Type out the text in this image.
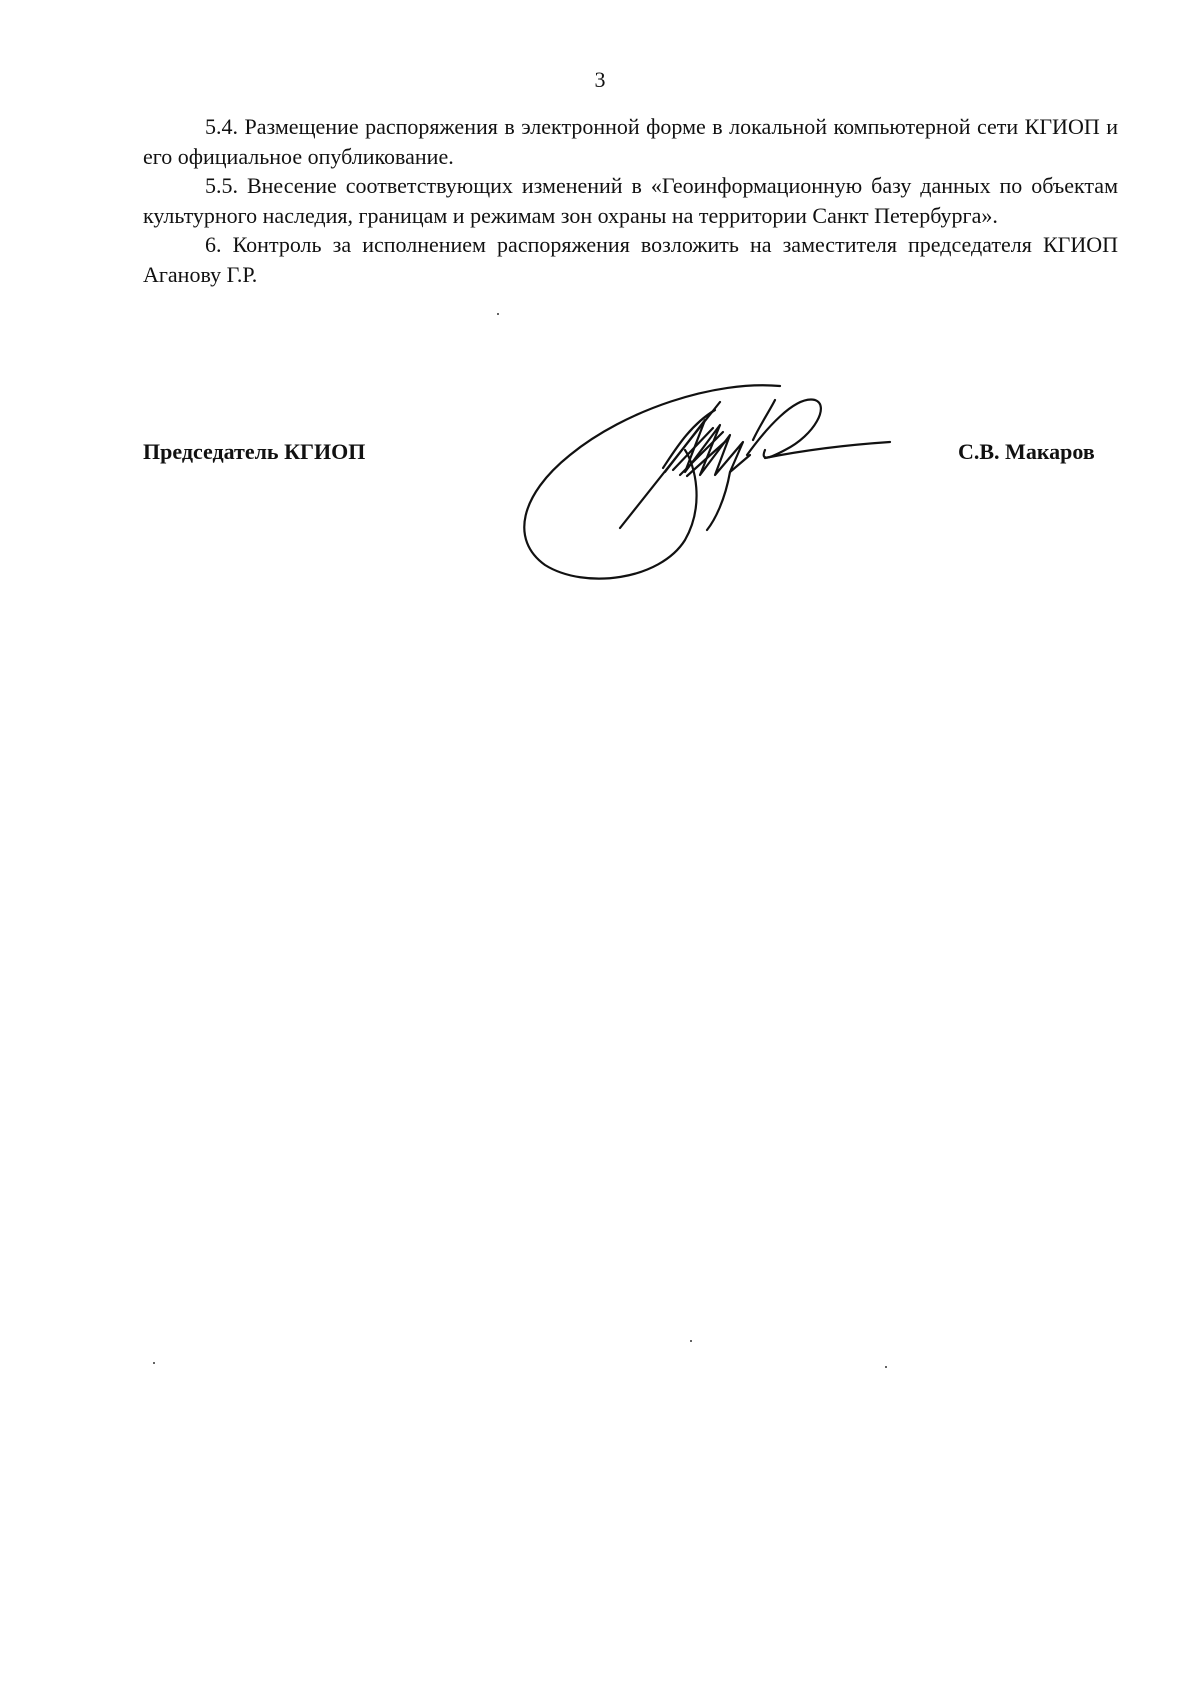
3

5.4. Размещение распоряжения в электронной форме в локальной компьютерной сети КГИОП и его официальное опубликование.

5.5. Внесение соответствующих изменений в «Геоинформационную базу данных по объектам культурного наследия, границам и режимам зон охраны на территории Санкт Петербурга».

6. Контроль за исполнением распоряжения возложить на заместителя председателя КГИОП Аганову Г.Р.

Председатель КГИОП	С.В. Макаров
